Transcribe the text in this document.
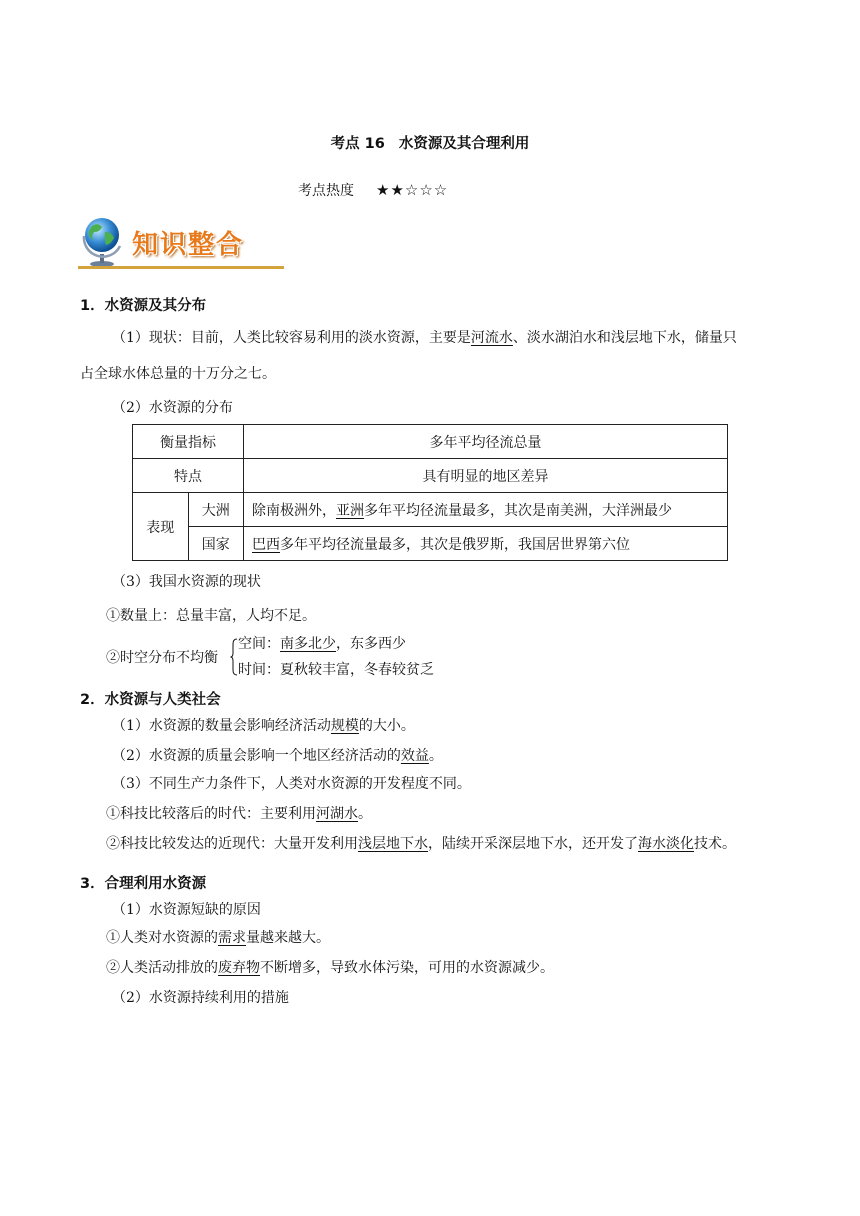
考点 16 水资源及其合理利用
考点热度 ★★☆☆☆
知识整合
1．水资源及其分布
（1）现状：目前，人类比较容易利用的淡水资源，主要是河流水、淡水湖泊水和浅层地下水，储量只
占全球水体总量的十万分之七。
（2）水资源的分布
衡量指标		多年平均径流总量
特点		具有明显的地区差异
表现	大洲	除南极洲外，亚洲多年平均径流量最多，其次是南美洲，大洋洲最少
	国家	巴西多年平均径流量最多，其次是俄罗斯，我国居世界第六位
（3）我国水资源的现状
①数量上：总量丰富，人均不足。
②时空分布不均衡
空间：南多北少，东多西少
时间：夏秋较丰富，冬春较贫乏
2．水资源与人类社会
（1）水资源的数量会影响经济活动规模的大小。
（2）水资源的质量会影响一个地区经济活动的效益。
（3）不同生产力条件下，人类对水资源的开发程度不同。
①科技比较落后的时代：主要利用河湖水。
②科技比较发达的近现代：大量开发利用浅层地下水，陆续开采深层地下水，还开发了海水淡化技术。
3．合理利用水资源
（1）水资源短缺的原因
①人类对水资源的需求量越来越大。
②人类活动排放的废弃物不断增多，导致水体污染，可用的水资源减少。
（2）水资源持续利用的措施
